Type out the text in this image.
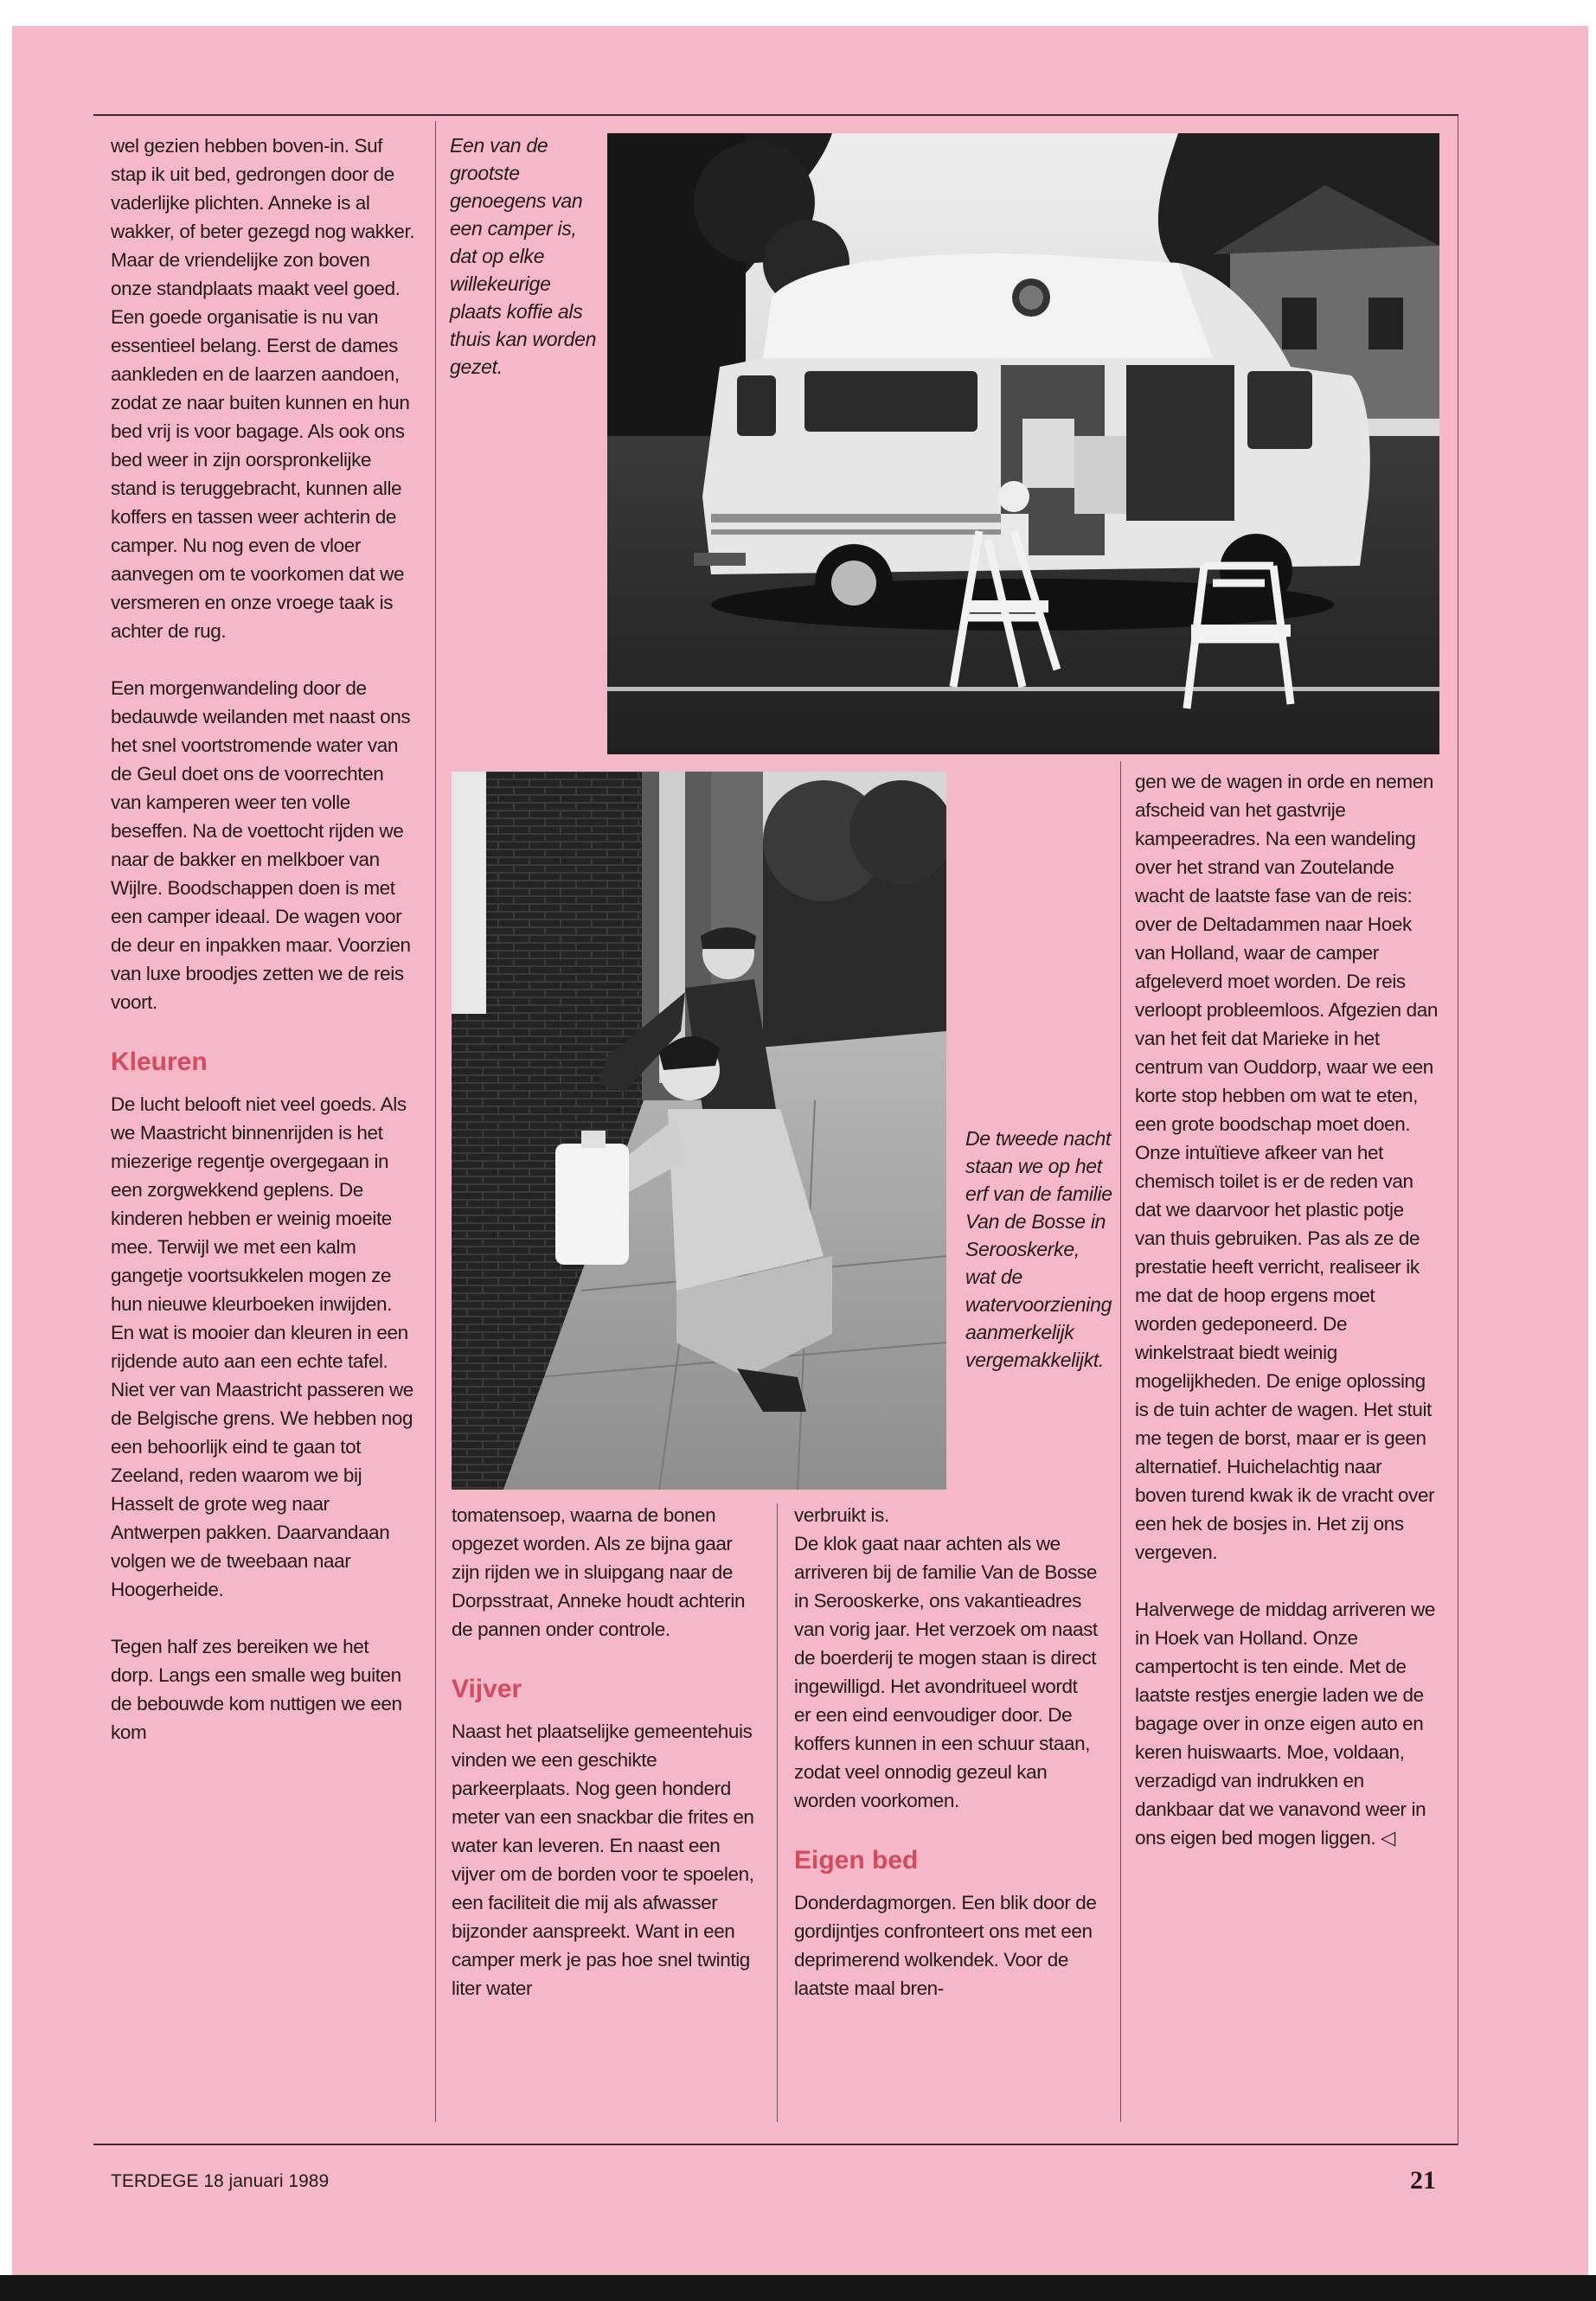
wel gezien hebben boven-in. Suf stap ik uit bed, gedrongen door de vaderlijke plichten. Anneke is al wakker, of beter gezegd nog wakker. Maar de vriendelijke zon boven onze standplaats maakt veel goed. Een goede organisatie is nu van essentieel belang. Eerst de dames aankleden en de laarzen aandoen, zodat ze naar buiten kunnen en hun bed vrij is voor bagage. Als ook ons bed weer in zijn oorspronkelijke stand is teruggebracht, kunnen alle koffers en tassen weer achterin de camper. Nu nog even de vloer aanvegen om te voorkomen dat we versmeren en onze vroege taak is achter de rug.

Een morgenwandeling door de bedauwde weilanden met naast ons het snel voortstromende water van de Geul doet ons de voorrechten van kamperen weer ten volle beseffen. Na de voettocht rijden we naar de bakker en melkboer van Wijlre. Boodschappen doen is met een camper ideaal. De wagen voor de deur en inpakken maar. Voorzien van luxe broodjes zetten we de reis voort.

Kleuren

De lucht belooft niet veel goeds. Als we Maastricht binnenrijden is het miezerige regentje overgegaan in een zorgwekkend geplens. De kinderen hebben er weinig moeite mee. Terwijl we met een kalm gangetje voortsukkelen mogen ze hun nieuwe kleurboeken inwijden. En wat is mooier dan kleuren in een rijdende auto aan een echte tafel. Niet ver van Maastricht passeren we de Belgische grens. We hebben nog een behoorlijk eind te gaan tot Zeeland, reden waarom we bij Hasselt de grote weg naar Antwerpen pakken. Daarvandaan volgen we de tweebaan naar Hoogerheide.

Tegen half zes bereiken we het dorp. Langs een smalle weg buiten de bebouwde kom nuttigen we een kom

Een van de grootste genoegens van een camper is, dat op elke willekeurige plaats koffie als thuis kan worden gezet.
De tweede nacht staan we op het erf van de familie Van de Bosse in Serooskerke, wat de watervoorziening aanmerkelijk vergemakkelijkt.

tomatensoep, waarna de bonen opgezet worden. Als ze bijna gaar zijn rijden we in sluipgang naar de Dorpsstraat, Anneke houdt achterin de pannen onder controle.

Vijver

Naast het plaatselijke gemeentehuis vinden we een geschikte parkeerplaats. Nog geen honderd meter van een snackbar die frites en water kan leveren. En naast een vijver om de borden voor te spoelen, een faciliteit die mij als afwasser bijzonder aanspreekt. Want in een camper merk je pas hoe snel twintig liter water

verbruikt is.

De klok gaat naar achten als we arriveren bij de familie Van de Bosse in Serooskerke, ons vakantieadres van vorig jaar. Het verzoek om naast de boerderij te mogen staan is direct ingewilligd. Het avondritueel wordt er een eind eenvoudiger door. De koffers kunnen in een schuur staan, zodat veel onnodig gezeul kan worden voorkomen.

Eigen bed

Donderdagmorgen. Een blik door de gordijntjes confronteert ons met een deprimerend wolkendek. Voor de laatste maal bren-

gen we de wagen in orde en nemen afscheid van het gastvrije kampeeradres. Na een wandeling over het strand van Zoutelande wacht de laatste fase van de reis: over de Deltadammen naar Hoek van Holland, waar de camper afgeleverd moet worden. De reis verloopt probleemloos. Afgezien dan van het feit dat Marieke in het centrum van Ouddorp, waar we een korte stop hebben om wat te eten, een grote boodschap moet doen. Onze intuïtieve afkeer van het chemisch toilet is er de reden van dat we daarvoor het plastic potje van thuis gebruiken. Pas als ze de prestatie heeft verricht, realiseer ik me dat de hoop ergens moet worden gedeponeerd. De winkelstraat biedt weinig mogelijkheden. De enige oplossing is de tuin achter de wagen. Het stuit me tegen de borst, maar er is geen alternatief. Huichelachtig naar boven turend kwak ik de vracht over een hek de bosjes in. Het zij ons vergeven.

Halverwege de middag arriveren we in Hoek van Holland. Onze campertocht is ten einde. Met de laatste restjes energie laden we de bagage over in onze eigen auto en keren huiswaarts. Moe, voldaan, verzadigd van indrukken en dankbaar dat we vanavond weer in ons eigen bed mogen liggen. ◁

TERDEGE 18 januari 1989	21
